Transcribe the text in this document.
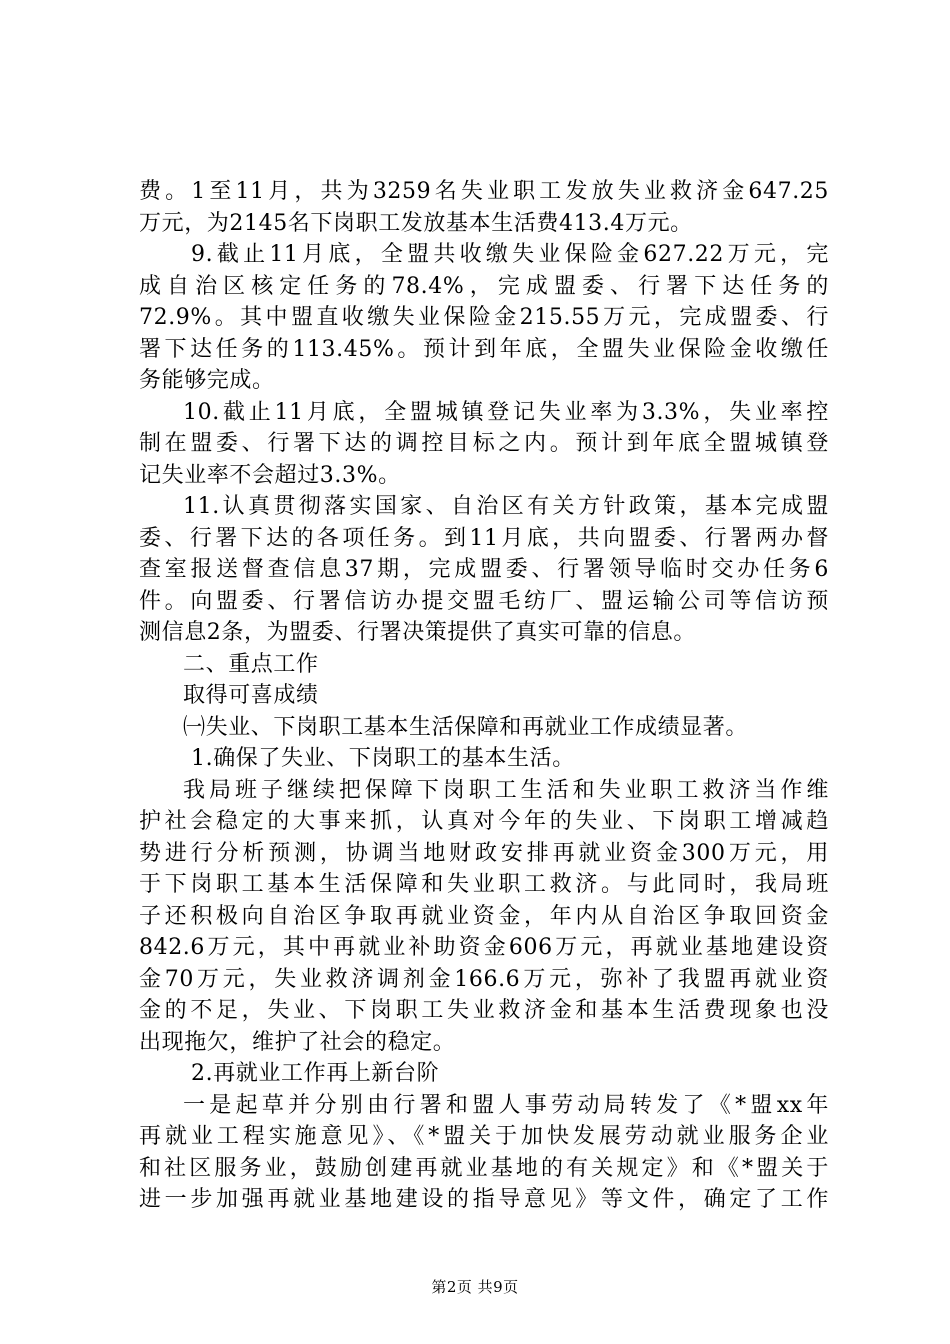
费。1至11月，共为3259名失业职工发放失业救济金647.25
万元，为2145名下岗职工发放基本生活费413.4万元。
9.截止11月底，全盟共收缴失业保险金627.22万元，完
成自治区核定任务的78.4%，完成盟委、行署下达任务的
72.9%。其中盟直收缴失业保险金215.55万元，完成盟委、行
署下达任务的113.45%。预计到年底，全盟失业保险金收缴任
务能够完成。
10.截止11月底，全盟城镇登记失业率为3.3%，失业率控
制在盟委、行署下达的调控目标之内。预计到年底全盟城镇登
记失业率不会超过3.3%。
11.认真贯彻落实国家、自治区有关方针政策，基本完成盟
委、行署下达的各项任务。到11月底，共向盟委、行署两办督
查室报送督查信息37期，完成盟委、行署领导临时交办任务6
件。向盟委、行署信访办提交盟毛纺厂、盟运输公司等信访预
测信息2条，为盟委、行署决策提供了真实可靠的信息。
二、重点工作
取得可喜成绩
㈠失业、下岗职工基本生活保障和再就业工作成绩显著。
1.确保了失业、下岗职工的基本生活。
我局班子继续把保障下岗职工生活和失业职工救济当作维
护社会稳定的大事来抓，认真对今年的失业、下岗职工增减趋
势进行分析预测，协调当地财政安排再就业资金300万元，用
于下岗职工基本生活保障和失业职工救济。与此同时，我局班
子还积极向自治区争取再就业资金，年内从自治区争取回资金
842.6万元，其中再就业补助资金606万元，再就业基地建设资
金70万元，失业救济调剂金166.6万元，弥补了我盟再就业资
金的不足，失业、下岗职工失业救济金和基本生活费现象也没
出现拖欠，维护了社会的稳定。
2.再就业工作再上新台阶
一是起草并分别由行署和盟人事劳动局转发了《*盟xx年
再就业工程实施意见》、《*盟关于加快发展劳动就业服务企业
和社区服务业，鼓励创建再就业基地的有关规定》和《*盟关于
进一步加强再就业基地建设的指导意见》等文件，确定了工作
第2页 共9页
